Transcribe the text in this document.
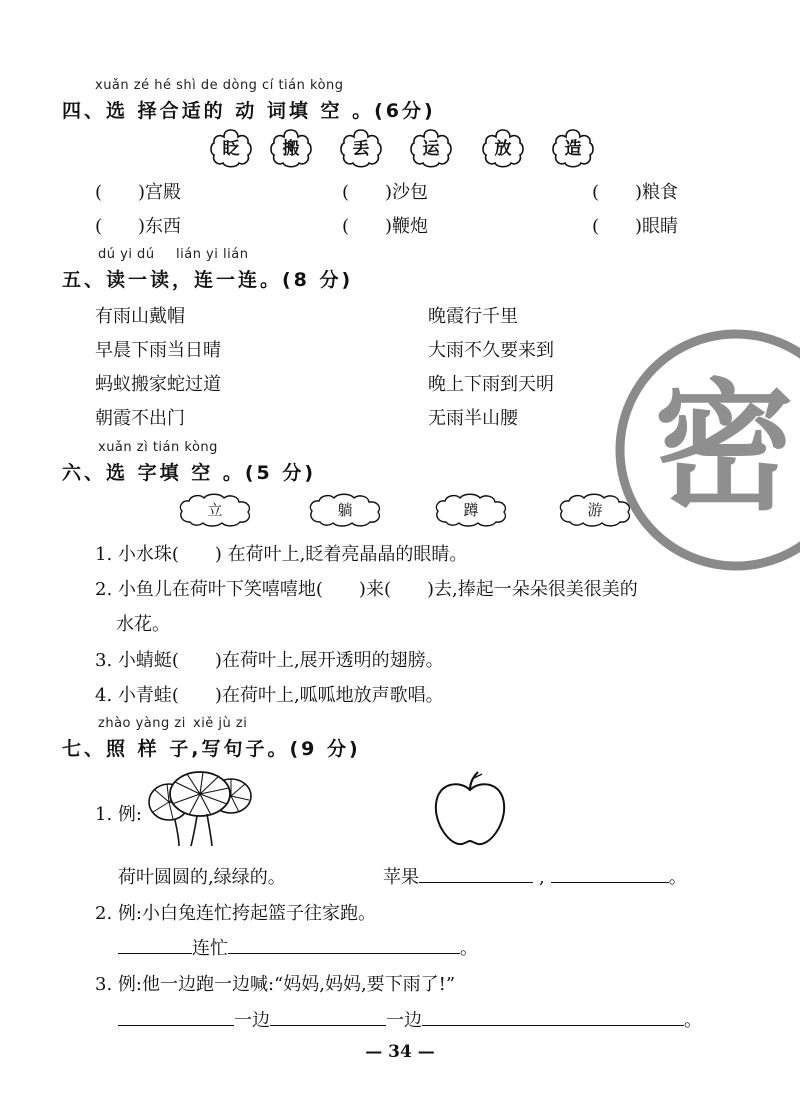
密
xuǎn zé hé shì de dòng cí tián kòng
四、选 择合适的 动 词填 空 。(6分)
眨	搬	丢	运	放	造
(　　)宫殿	(　　)沙包	(　　)粮食
(　　)东西	(　　)鞭炮	(　　)眼睛
dú yi dú lián yi lián
五、读一读，连一连。(8 分)
有雨山戴帽
早晨下雨当日晴
蚂蚁搬家蛇过道
朝霞不出门
晚霞行千里
大雨不久要来到
晚上下雨到天明
无雨半山腰
xuǎn zì tián kòng
六、选 字填 空 。(5 分)
立	躺	蹲	游
1. 小水珠(　　) 在荷叶上,眨着亮晶晶的眼睛。
2. 小鱼儿在荷叶下笑嘻嘻地(　　)来(　　)去,捧起一朵朵很美很美的
水花。
3. 小蜻蜓(　　)在荷叶上,展开透明的翅膀。
4. 小青蛙(　　)在荷叶上,呱呱地放声歌唱。
zhào yàng zi xiě jù zi
七、照 样 子,写句子。(9 分)
1. 例:
荷叶圆圆的,绿绿的。	苹果	,	。
2. 例:小白兔连忙挎起篮子往家跑。
连忙	。
3. 例:他一边跑一边喊:“妈妈,妈妈,要下雨了!”
一边	一边	。
— 34 —
